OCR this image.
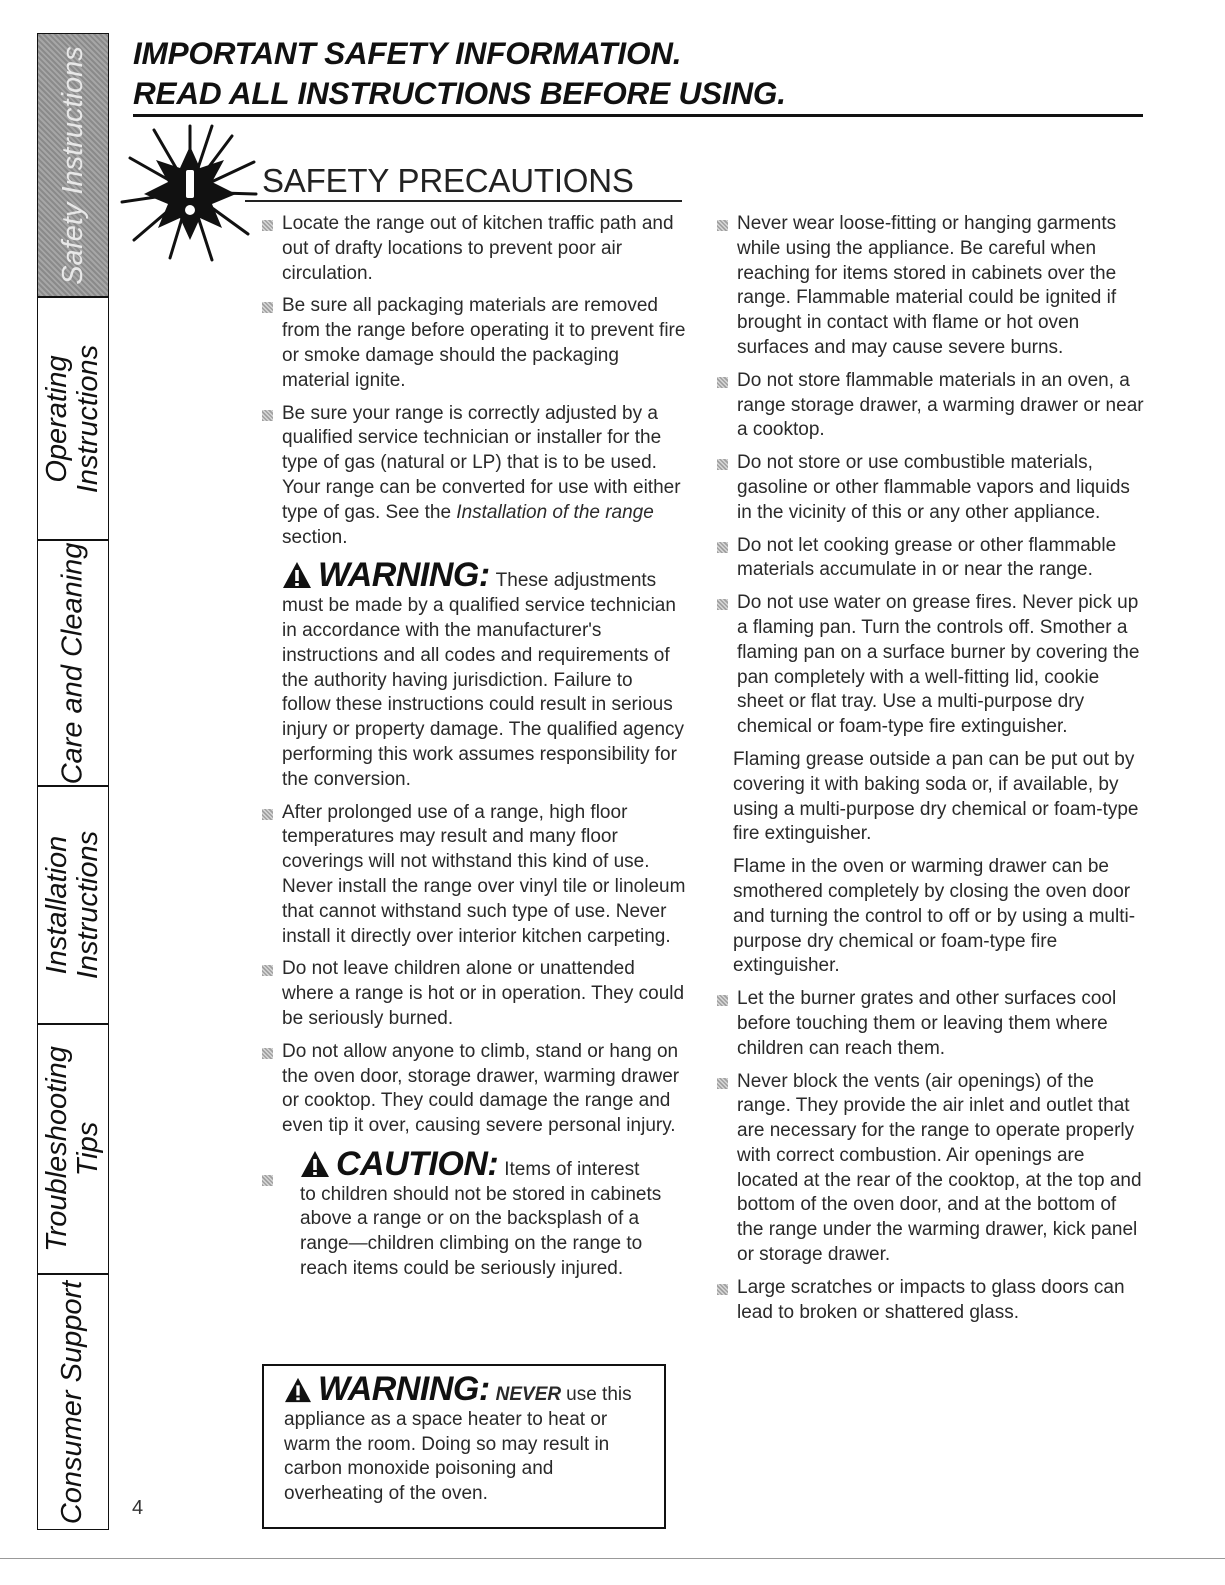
Safety Instructions
Operating
Instructions
Care and Cleaning
Installation
Instructions
Troubleshooting
Tips
Consumer Support
IMPORTANT SAFETY INFORMATION.
READ ALL INSTRUCTIONS BEFORE USING.
SAFETY PRECAUTIONS
Locate the range out of kitchen traffic path and out of drafty locations to prevent poor air circulation.
Be sure all packaging materials are removed from the range before operating it to prevent fire or smoke damage should the packaging material ignite.
Be sure your range is correctly adjusted by a qualified service technician or installer for the type of gas (natural or LP) that is to be used. Your range can be converted for use with either type of gas. See the Installation of the range section.
WARNING: These adjustments
must be made by a qualified service technician in accordance with the manufacturer's instructions and all codes and requirements of the authority having jurisdiction. Failure to follow these instructions could result in serious injury or property damage. The qualified agency performing this work assumes responsibility for the conversion.
After prolonged use of a range, high floor temperatures may result and many floor coverings will not withstand this kind of use. Never install the range over vinyl tile or linoleum that cannot withstand such type of use. Never install it directly over interior kitchen carpeting.
Do not leave children alone or unattended where a range is hot or in operation. They could be seriously burned.
Do not allow anyone to climb, stand or hang on the oven door, storage drawer, warming drawer or cooktop. They could damage the range and even tip it over, causing severe personal injury.
CAUTION: Items of interest
to children should not be stored in cabinets above a range or on the backsplash of a range—children climbing on the range to reach items could be seriously injured.
WARNING: NEVER use this
appliance as a space heater to heat or warm the room. Doing so may result in carbon monoxide poisoning and overheating of the oven.
Never wear loose-fitting or hanging garments while using the appliance. Be careful when reaching for items stored in cabinets over the range. Flammable material could be ignited if brought in contact with flame or hot oven surfaces and may cause severe burns.
Do not store flammable materials in an oven, a range storage drawer, a warming drawer or near a cooktop.
Do not store or use combustible materials, gasoline or other flammable vapors and liquids in the vicinity of this or any other appliance.
Do not let cooking grease or other flammable materials accumulate in or near the range.
Do not use water on grease fires. Never pick up a flaming pan. Turn the controls off. Smother a flaming pan on a surface burner by covering the pan completely with a well-fitting lid, cookie sheet or flat tray. Use a multi-purpose dry chemical or foam-type fire extinguisher.
Flaming grease outside a pan can be put out by covering it with baking soda or, if available, by using a multi-purpose dry chemical or foam-type fire extinguisher.
Flame in the oven or warming drawer can be smothered completely by closing the oven door and turning the control to off or by using a multi-purpose dry chemical or foam-type fire extinguisher.
Let the burner grates and other surfaces cool before touching them or leaving them where children can reach them.
Never block the vents (air openings) of the range. They provide the air inlet and outlet that are necessary for the range to operate properly with correct combustion. Air openings are located at the rear of the cooktop, at the top and bottom of the oven door, and at the bottom of the range under the warming drawer, kick panel or storage drawer.
Large scratches or impacts to glass doors can lead to broken or shattered glass.
4
